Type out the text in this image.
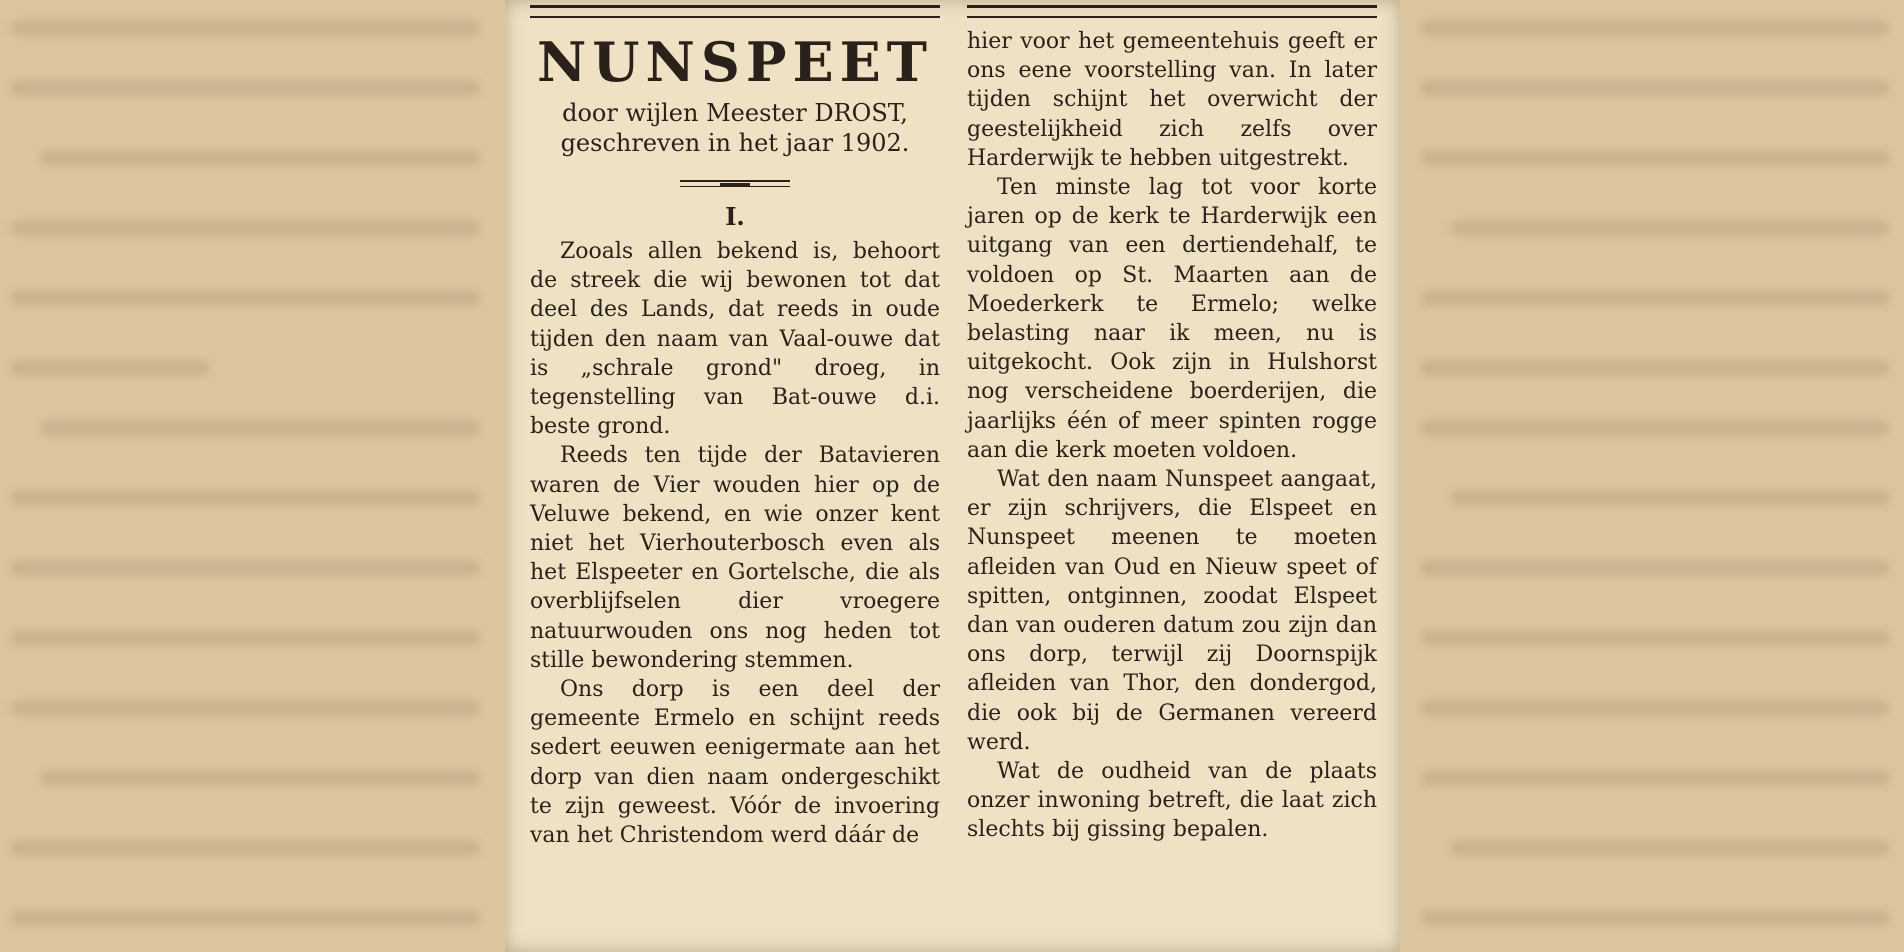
NUNSPEET
door wijlen Meester DROST,
geschreven in het jaar 1902.
I.

Zooals allen bekend is, behoort de streek die wij bewonen tot dat deel des Lands, dat reeds in oude tijden den naam van Vaal-ouwe dat is „schrale grond" droeg, in tegenstelling van Bat-ouwe d.i. beste grond.

Reeds ten tijde der Batavieren waren de Vier wouden hier op de Veluwe bekend, en wie onzer kent niet het Vierhouterbosch even als het Elspeeter en Gortelsche, die als overblijfselen dier vroegere natuurwouden ons nog heden tot stille bewondering stemmen.

Ons dorp is een deel der gemeente Ermelo en schijnt reeds sedert eeuwen eenigermate aan het dorp van dien naam ondergeschikt te zijn geweest. Vóór de invoering van het Christendom werd dáár de

hier voor het gemeentehuis geeft er ons eene voorstelling van. In later tijden schijnt het overwicht der geestelijkheid zich zelfs over Harderwijk te hebben uitgestrekt.

Ten minste lag tot voor korte jaren op de kerk te Harderwijk een uitgang van een dertiendehalf, te voldoen op St. Maarten aan de Moederkerk te Ermelo; welke belasting naar ik meen, nu is uitgekocht. Ook zijn in Hulshorst nog verscheidene boerderijen, die jaarlijks één of meer spinten rogge aan die kerk moeten voldoen.

Wat den naam Nunspeet aangaat, er zijn schrijvers, die Elspeet en Nunspeet meenen te moeten afleiden van Oud en Nieuw speet of spitten, ontginnen, zoodat Elspeet dan van ouderen datum zou zijn dan ons dorp, terwijl zij Doornspijk afleiden van Thor, den dondergod, die ook bij de Germanen vereerd werd.

Wat de oudheid van de plaats onzer inwoning betreft, die laat zich slechts bij gissing bepalen.
